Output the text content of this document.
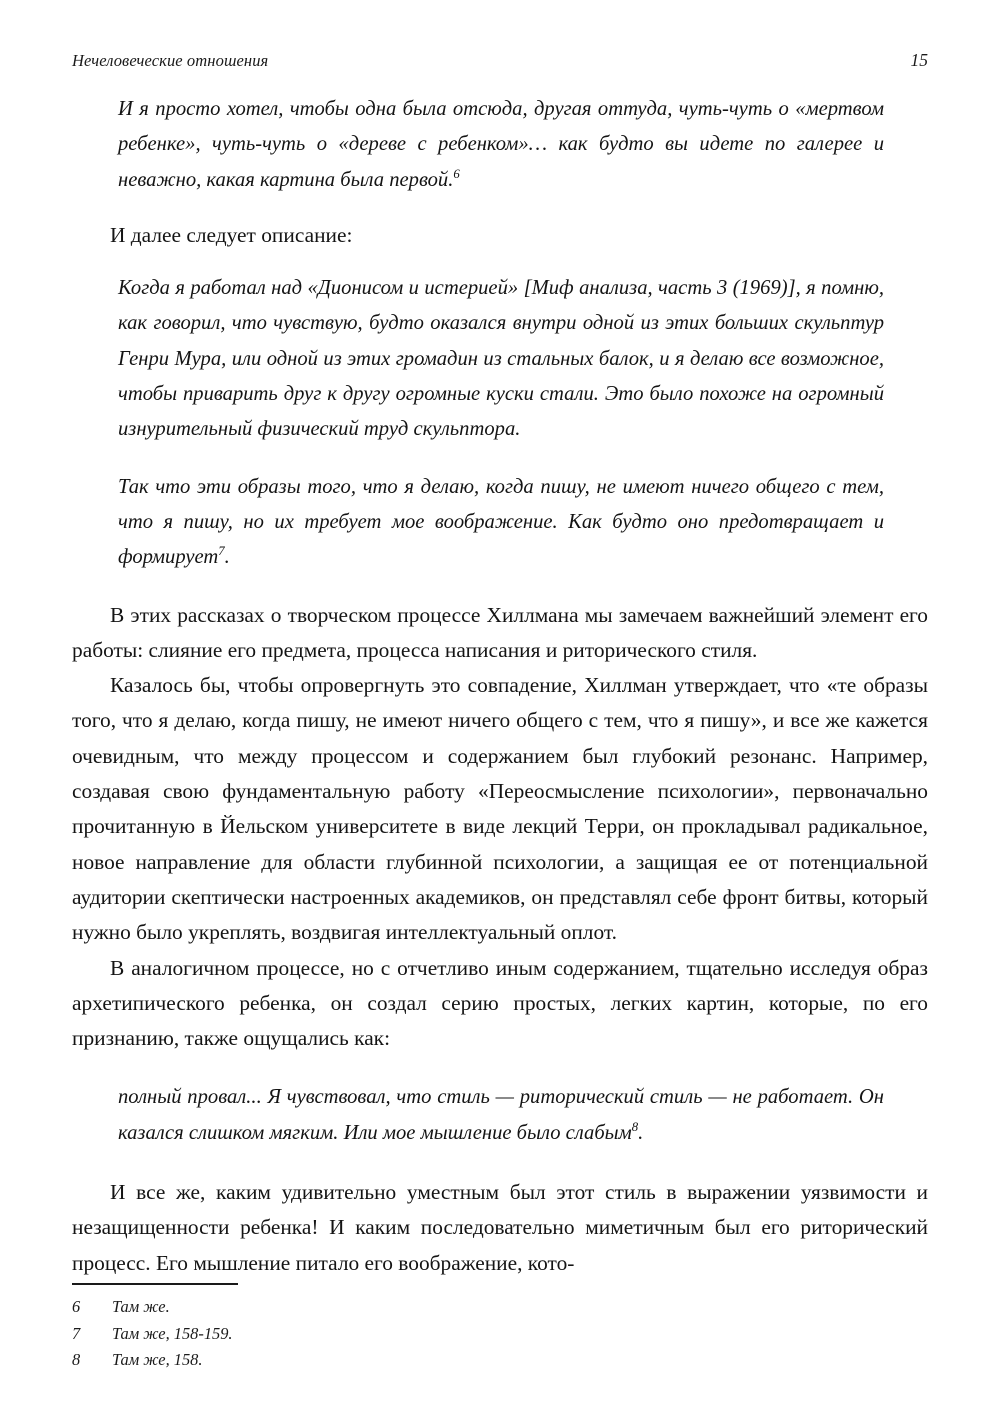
Нечеловеческие отношения	15

И я просто хотел, чтобы одна была отсюда, другая оттуда, чуть-чуть о «мертвом ребенке», чуть-чуть о «дереве с ребенком»… как будто вы идете по галерее и неважно, какая картина была первой.$^6$

И далее следует описание:

Когда я работал над «Дионисом и истерией» [Миф анализа, часть 3 (1969)], я помню, как говорил, что чувствую, будто оказался внутри одной из этих больших скульптур Генри Мура, или одной из этих громадин из стальных балок, и я делаю все возможное, чтобы приварить друг к другу огромные куски стали. Это было похоже на огромный изнурительный физический труд скульптора.

Так что эти образы того, что я делаю, когда пишу, не имеют ничего общего с тем, что я пишу, но их требует мое воображение. Как будто оно предотвращает и формирует$^7$.

В этих рассказах о творческом процессе Хиллмана мы замечаем важнейший элемент его работы: слияние его предмета, процесса написания и риторического стиля.

Казалось бы, чтобы опровергнуть это совпадение, Хиллман утверждает, что «те образы того, что я делаю, когда пишу, не имеют ничего общего с тем, что я пишу», и все же кажется очевидным, что между процессом и содержанием был глубокий резонанс. Например, создавая свою фундаментальную работу «Переосмысление психологии», первоначально прочитанную в Йельском университете в виде лекций Терри, он прокладывал радикальное, новое направление для области глубинной психологии, а защищая ее от потенциальной аудитории скептически настроенных академиков, он представлял себе фронт битвы, который нужно было укреплять, воздвигая интеллектуальный оплот.

В аналогичном процессе, но с отчетливо иным содержанием, тщательно исследуя образ архетипического ребенка, он создал серию простых, легких картин, которые, по его признанию, также ощущались как:

полный провал... Я чувствовал, что стиль — риторический стиль — не работает. Он казался слишком мягким. Или мое мышление было слабым$^8$.

И все же, каким удивительно уместным был этот стиль в выражении уязвимости и незащищенности ребенка! И каким последовательно миметичным был его риторический процесс. Его мышление питало его воображение, кото-

6	Там же.
7	Там же, 158-159.
8	Там же, 158.
